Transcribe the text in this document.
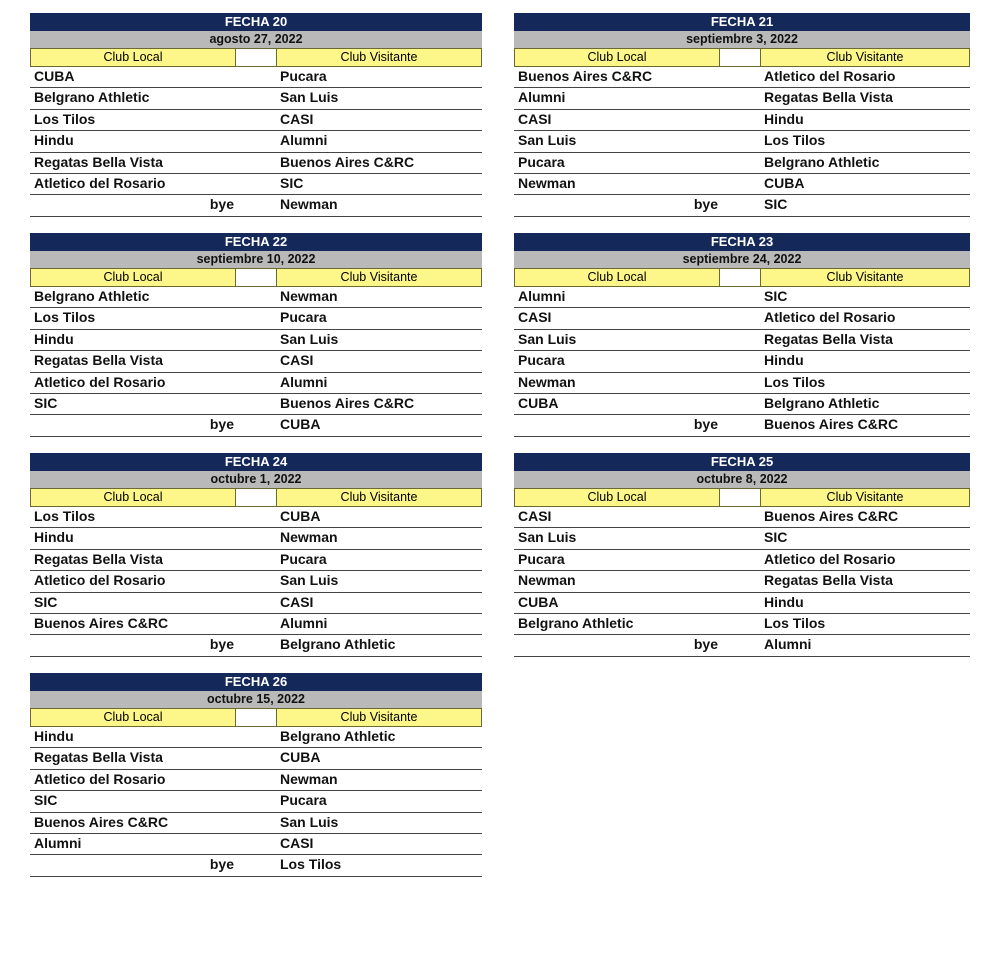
FECHA 20
agosto 27, 2022
Club Local	Club Visitante
CUBA	Pucara
Belgrano Athletic	San Luis
Los Tilos	CASI
Hindu	Alumni
Regatas Bella Vista	Buenos Aires C&RC
Atletico del Rosario	SIC
bye	Newman
FECHA 21
septiembre 3, 2022
Club Local	Club Visitante
Buenos Aires C&RC	Atletico del Rosario
Alumni	Regatas Bella Vista
CASI	Hindu
San Luis	Los Tilos
Pucara	Belgrano Athletic
Newman	CUBA
bye	SIC
FECHA 22
septiembre 10, 2022
Club Local	Club Visitante
Belgrano Athletic	Newman
Los Tilos	Pucara
Hindu	San Luis
Regatas Bella Vista	CASI
Atletico del Rosario	Alumni
SIC	Buenos Aires C&RC
bye	CUBA
FECHA 23
septiembre 24, 2022
Club Local	Club Visitante
Alumni	SIC
CASI	Atletico del Rosario
San Luis	Regatas Bella Vista
Pucara	Hindu
Newman	Los Tilos
CUBA	Belgrano Athletic
bye	Buenos Aires C&RC
FECHA 24
octubre 1, 2022
Club Local	Club Visitante
Los Tilos	CUBA
Hindu	Newman
Regatas Bella Vista	Pucara
Atletico del Rosario	San Luis
SIC	CASI
Buenos Aires C&RC	Alumni
bye	Belgrano Athletic
FECHA 25
octubre 8, 2022
Club Local	Club Visitante
CASI	Buenos Aires C&RC
San Luis	SIC
Pucara	Atletico del Rosario
Newman	Regatas Bella Vista
CUBA	Hindu
Belgrano Athletic	Los Tilos
bye	Alumni
FECHA 26
octubre 15, 2022
Club Local	Club Visitante
Hindu	Belgrano Athletic
Regatas Bella Vista	CUBA
Atletico del Rosario	Newman
SIC	Pucara
Buenos Aires C&RC	San Luis
Alumni	CASI
bye	Los Tilos
